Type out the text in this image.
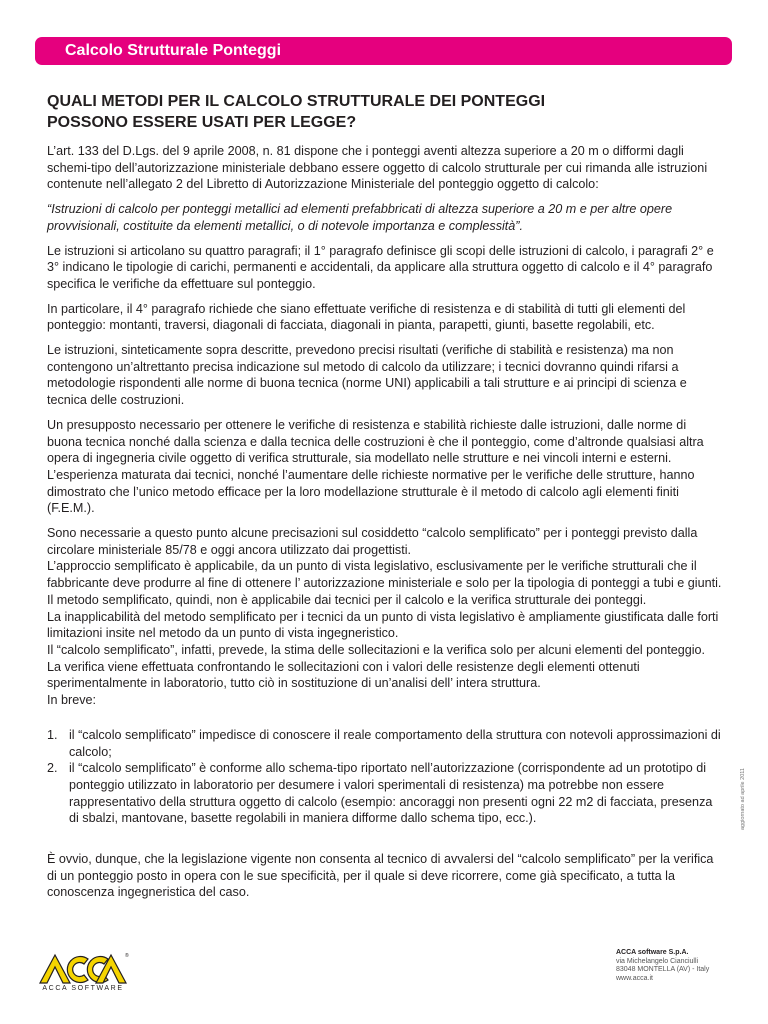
Calcolo Strutturale Ponteggi
QUALI METODI PER IL CALCOLO STRUTTURALE DEI PONTEGGI
POSSONO ESSERE USATI PER LEGGE?

L’art. 133 del D.Lgs. del 9 aprile 2008, n. 81 dispone che i ponteggi aventi altezza superiore a 20 m o difformi dagli schemi-tipo dell’autorizzazione ministeriale debbano essere oggetto di calcolo strutturale per cui rimanda alle istruzioni contenute nell’allegato 2 del Libretto di Autorizzazione Ministeriale del ponteggio oggetto di calcolo:

“Istruzioni di calcolo per ponteggi metallici ad elementi prefabbricati di altezza superiore a 20 m e per altre opere provvisionali, costituite da elementi metallici, o di notevole importanza e complessità”.

Le istruzioni si articolano su quattro paragrafi; il 1° paragrafo definisce gli scopi delle istruzioni di calcolo, i paragrafi 2° e 3° indicano le tipologie di carichi, permanenti e accidentali, da applicare alla struttura oggetto di calcolo e il 4° paragrafo specifica le verifiche da effettuare sul ponteggio.

In particolare, il 4° paragrafo richiede che siano effettuate verifiche di resistenza e di stabilità di tutti gli elementi del ponteggio: montanti, traversi, diagonali di facciata, diagonali in pianta, parapetti, giunti, basette regolabili, etc.

Le istruzioni, sinteticamente sopra descritte, prevedono precisi risultati (verifiche di stabilità e resistenza) ma non contengono un’altrettanto precisa indicazione sul metodo di calcolo da utilizzare; i tecnici dovranno quindi rifarsi a metodologie rispondenti alle norme di buona tecnica (norme UNI) applicabili a tali strutture e ai principi di scienza e tecnica delle costruzioni.

Un presupposto necessario per ottenere le verifiche di resistenza e stabilità richieste dalle istruzioni, dalle norme di buona tecnica nonché dalla scienza e dalla tecnica delle costruzioni è che il ponteggio, come d’altronde qualsiasi altra opera di ingegneria civile oggetto di verifica strutturale, sia modellato nelle strutture e nei vincoli interni e esterni.
L’esperienza maturata dai tecnici, nonché l’aumentare delle richieste normative per le verifiche delle strutture, hanno dimostrato che l’unico metodo efficace per la loro modellazione strutturale è il metodo di calcolo agli elementi finiti (F.E.M.).

Sono necessarie a questo punto alcune precisazioni sul cosiddetto “calcolo semplificato” per i ponteggi previsto dalla circolare ministeriale 85/78 e oggi ancora utilizzato dai progettisti.
L’approccio semplificato è applicabile, da un punto di vista legislativo, esclusivamente per le verifiche strutturali che il fabbricante deve produrre al fine di ottenere l’ autorizzazione ministeriale e solo per la tipologia di ponteggi a tubi e giunti.
Il metodo semplificato, quindi, non è applicabile dai tecnici per il calcolo e la verifica strutturale dei ponteggi.
La inapplicabilità del metodo semplificato per i tecnici da un punto di vista legislativo è ampliamente giustificata dalle forti limitazioni insite nel metodo da un punto di vista ingegneristico.
Il “calcolo semplificato”, infatti, prevede, la stima delle sollecitazioni e la verifica solo per alcuni elementi del ponteggio. La verifica viene effettuata confrontando le sollecitazioni con i valori delle resistenze degli elementi ottenuti sperimentalmente in laboratorio, tutto ciò in sostituzione di un’analisi dell’ intera struttura.
In breve:

1. il “calcolo semplificato” impedisce di conoscere il reale comportamento della struttura con notevoli approssimazioni di calcolo;
2. il “calcolo semplificato” è conforme allo schema-tipo riportato nell’autorizzazione (corrispondente ad un prototipo di ponteggio utilizzato in laboratorio per desumere i valori sperimentali di resistenza) ma potrebbe non essere rappresentativo della struttura oggetto di calcolo (esempio: ancoraggi non presenti ogni 22 m2 di facciata, presenza di sbalzi, mantovane, basette regolabili in maniera difforme dallo schema tipo, ecc.).

È ovvio, dunque, che la legislazione vigente non consenta al tecnico di avvalersi del “calcolo semplificato” per la verifica di un ponteggio posto in opera con le sue specificità, per il quale si deve ricorrere, come già specificato, a tutta la conoscenza ingegneristica del caso.

aggiornato ad aprile 2011
®
ACCA SOFTWARE
ACCA software S.p.A.
via Michelangelo Cianciulli
83048 MONTELLA (AV) - Italy
www.acca.it
